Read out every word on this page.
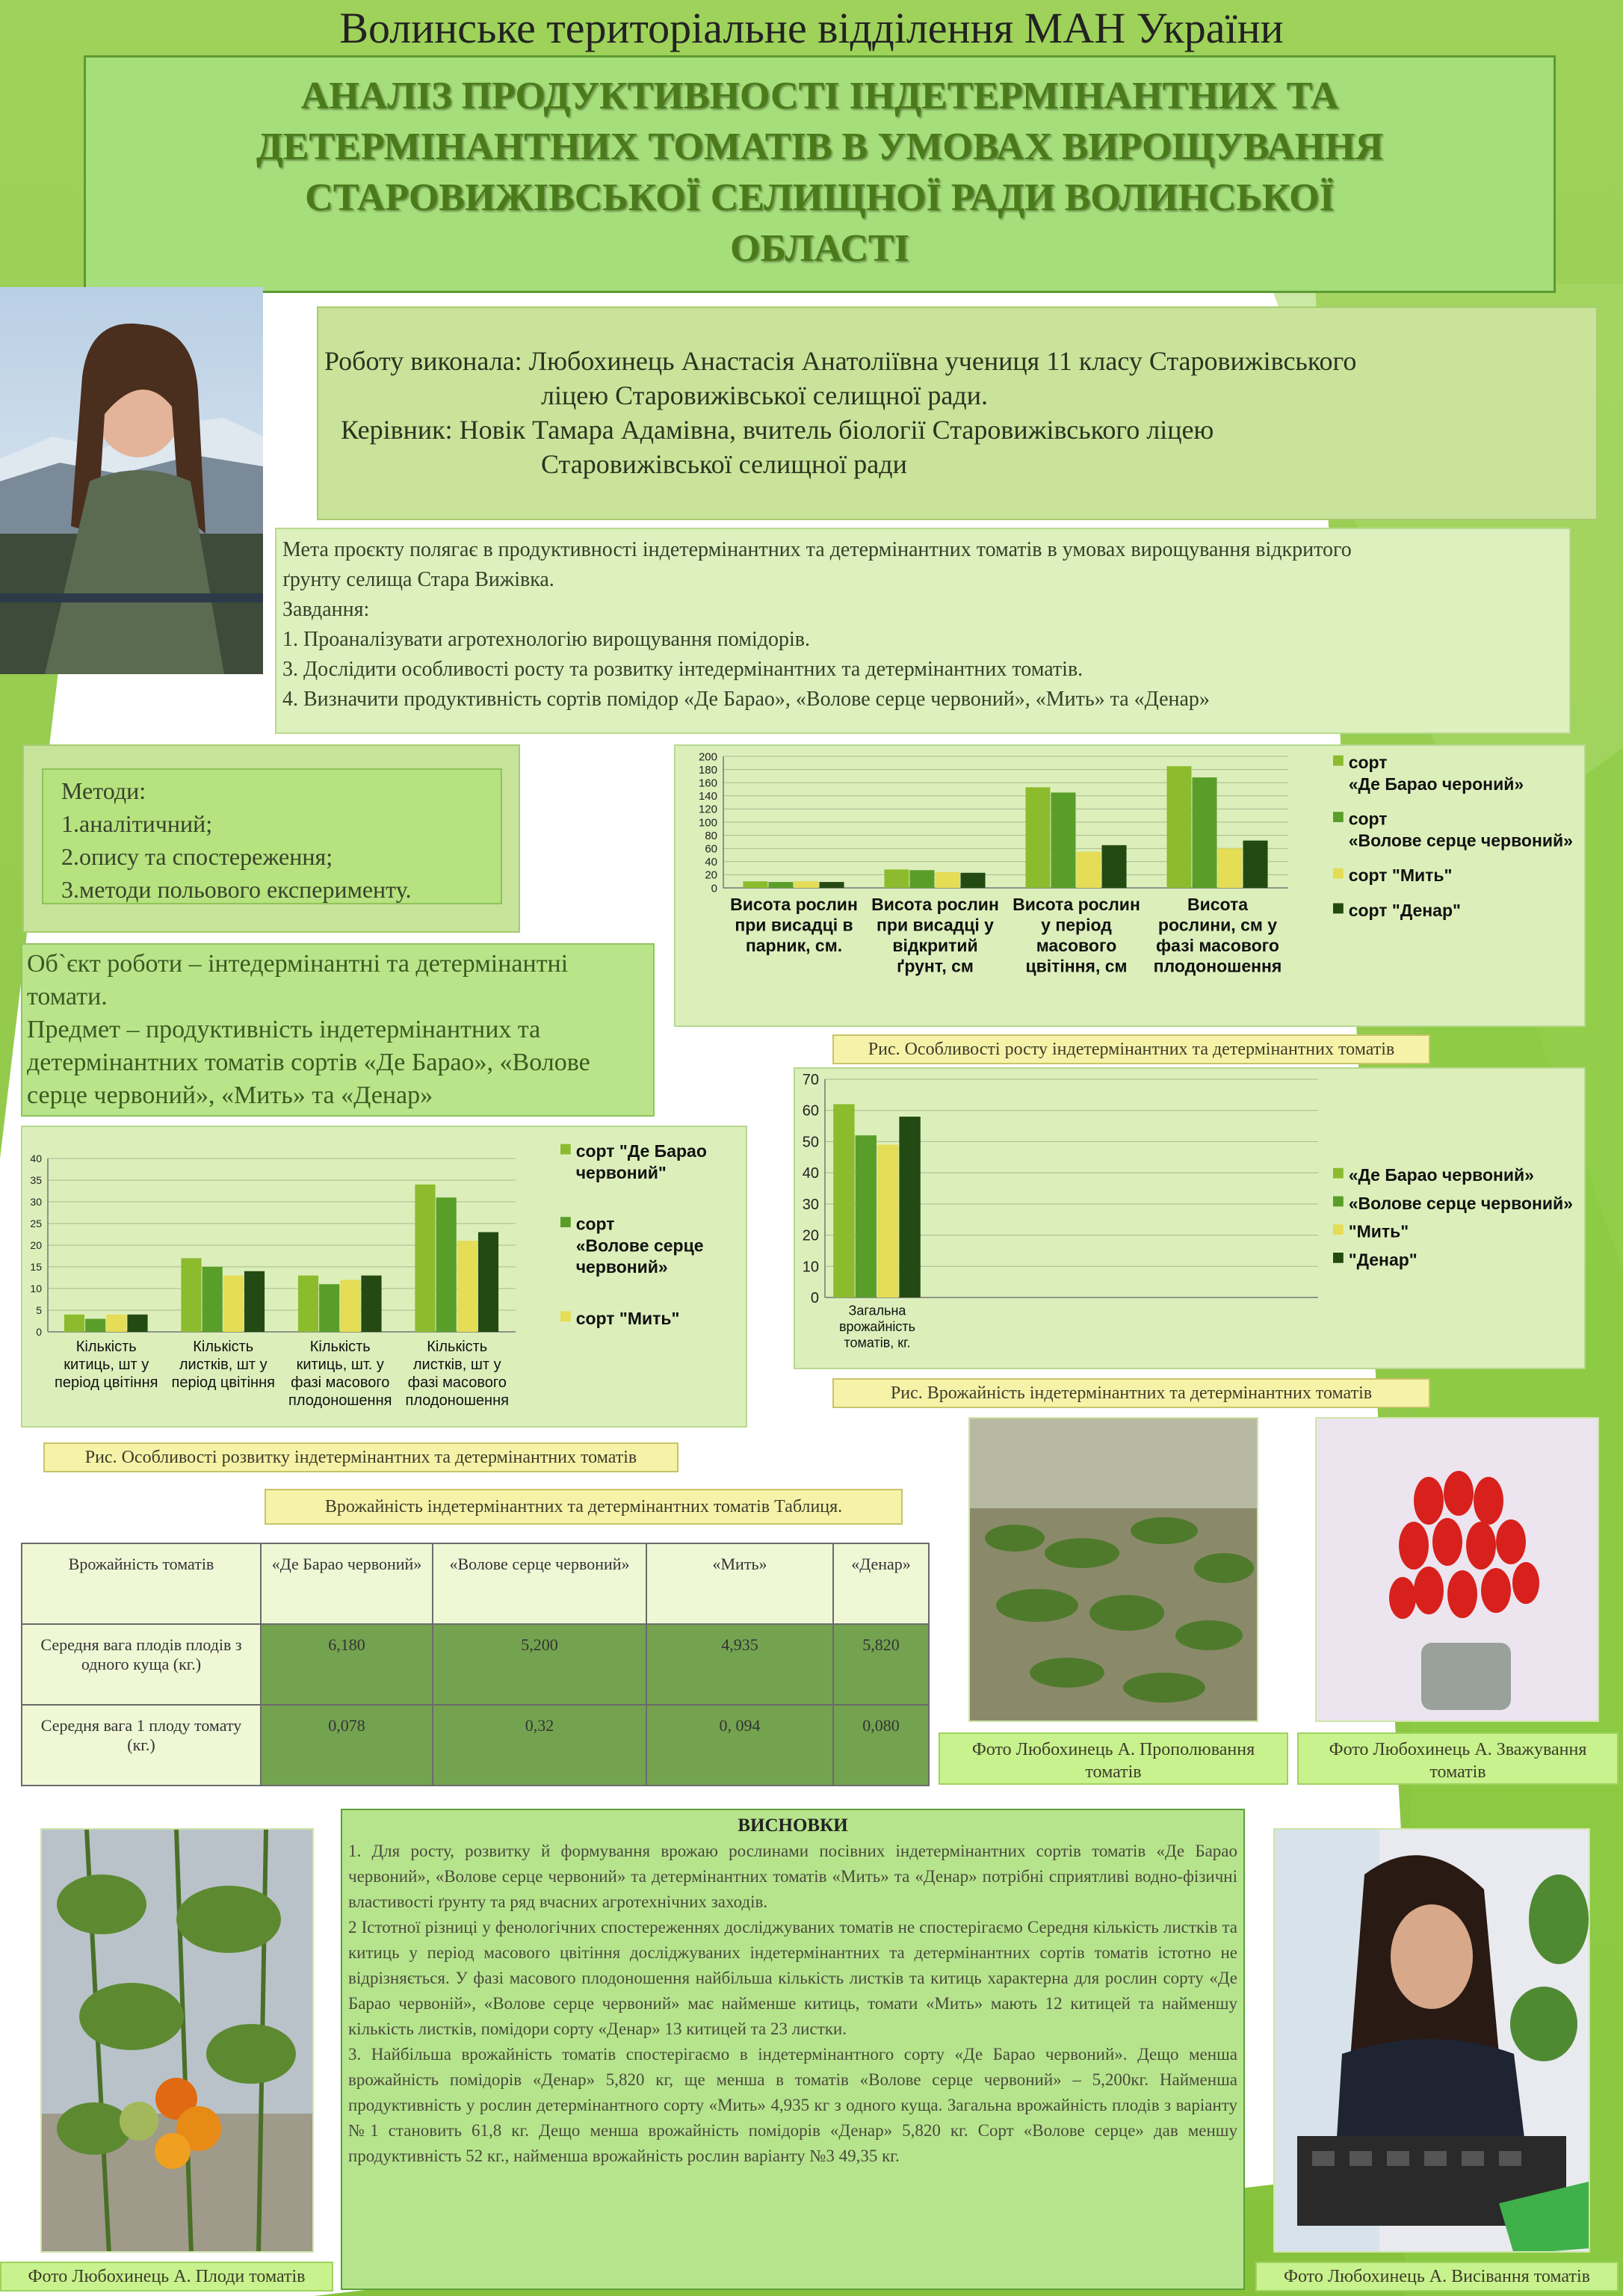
Волинське територіальне відділення МАН України
АНАЛІЗ ПРОДУКТИВНОСТІ ІНДЕТЕРМІНАНТНИХ ТА
ДЕТЕРМІНАНТНИХ ТОМАТІВ В УМОВАХ ВИРОЩУВАННЯ
СТАРОВИЖІВСЬКОЇ СЕЛИЩНОЇ РАДИ ВОЛИНСЬКОЇ
ОБЛАСТІ
Роботу виконала: Любохинець Анастасія Анатоліївна учениця 11 класу Старовижівського
ліцею Старовижівської селищної ради.
Керівник: Новік Тамара Адамівна, вчитель біології Старовижівського ліцею
Старовижівської селищної ради
Мета проєкту полягає в продуктивності індетермінантних та детермінантних томатів в умовах вирощування відкритого
ґрунту селища Стара Вижівка.
Завдання:
1. Проаналізувати агротехнологію вирощування помідорів.
3. Дослідити особливості росту та розвитку інтедермінантних та детермінантних томатів.
4. Визначити продуктивність сортів помідор «Де Барао», «Волове серце червоний», «Мить» та «Денар»
Методи:
1.аналітичний;
2.опису та спостереження;
3.методи польового експерименту.
Об`єкт роботи – інтедермінантні та детермінантні
томати.
Предмет – продуктивність індетермінантних та
детермінантних томатів сортів «Де Барао», «Волове
серце червоний», «Мить» та «Денар»
0
20
40
60
80
100
120
140
160
180
200
Висота рослин
при висадці в
парник, см.
Висота рослин
при висадці у
відкритий
ґрунт, см
Висота рослин
у період
масового
цвітіння, см
Висота
рослини, см у
фазі масового
плодоношення
сорт
«Де Барао чероний»
сорт
«Волове серце червоний»
сорт "Мить"
сорт "Денар"
Рис. Особливості росту індетермінантних та детермінантних томатів
0
10
20
30
40
50
60
70
Загальна
врожайність
томатів, кг.
«Де Барао червоний»
«Волове серце червоний»
"Мить"
"Денар"
Рис. Врожайність індетермінантних та детермінантних томатів
0
5
10
15
20
25
30
35
40
Кількість
китиць, шт у
період цвітіння
Кількість
листків, шт у
період цвітіння
Кількість
китиць, шт. у
фазі масового
плодоношення
Кількість
листків, шт у
фазі масового
плодоношення
сорт "Де Барао
червоний"
сорт
«Волове серце
червоний»
сорт "Мить"
Рис. Особливості розвитку індетермінантних та детермінантних томатів
Врожайність індетермінантних та детермінантних томатів Таблиця.
Врожайність томатів	«Де Барао червоний»	«Волове серце червоний»	«Мить»	«Денар»
Середня вага плодів плодів з одного куща (кг.)	6,180	5,200	4,935	5,820
Середня вага 1 плоду томату (кг.)	0,078	0,32	0, 094	0,080
Фото Любохинець А. Прополювання томатів
Фото Любохинець А. Зважування томатів
Фото Любохинець А. Плоди томатів
ВИСНОВКИ

1. Для росту, розвитку й формування врожаю рослинами посівних індетермінантних сортів томатів «Де Барао червоний», «Волове серце червоний» та детермінантних томатів «Мить» та «Денар» потрібні сприятливі водно-фізичні властивості ґрунту та ряд вчасних агротехнічних заходів.

2 Істотної різниці у фенологічних спостереженнях досліджуваних томатів не спостерігаємо Середня кількість листків та китиць у період масового цвітіння досліджуваних індетермінантних та детермінантних сортів томатів істотно не відрізняється. У фазі масового плодоношення найбільша кількість листків та китиць характерна для рослин сорту «Де Барао червоній», «Волове серце червоний» має найменше китиць, томати «Мить» мають 12 китицей та найменшу кількість листків, помідори сорту «Денар» 13 китицей та 23 листки.

3. Найбільша врожайність томатів спостерігаємо в індетермінантного сорту «Де Барао червоний». Дещо менша врожайність помідорів «Денар» 5,820 кг, ще менша в томатів «Волове серце червоний» – 5,200кг. Найменша продуктивність у рослин детермінантного сорту «Мить» 4,935 кг з одного куща. Загальна врожайність плодів з варіанту №1 становить 61,8 кг. Дещо менша врожайність помідорів «Денар» 5,820 кг. Сорт «Волове серце» дав меншу продуктивність 52 кг., найменша врожайність рослин варіанту №3 49,35 кг.

Фото Любохинець А. Висівання томатів
